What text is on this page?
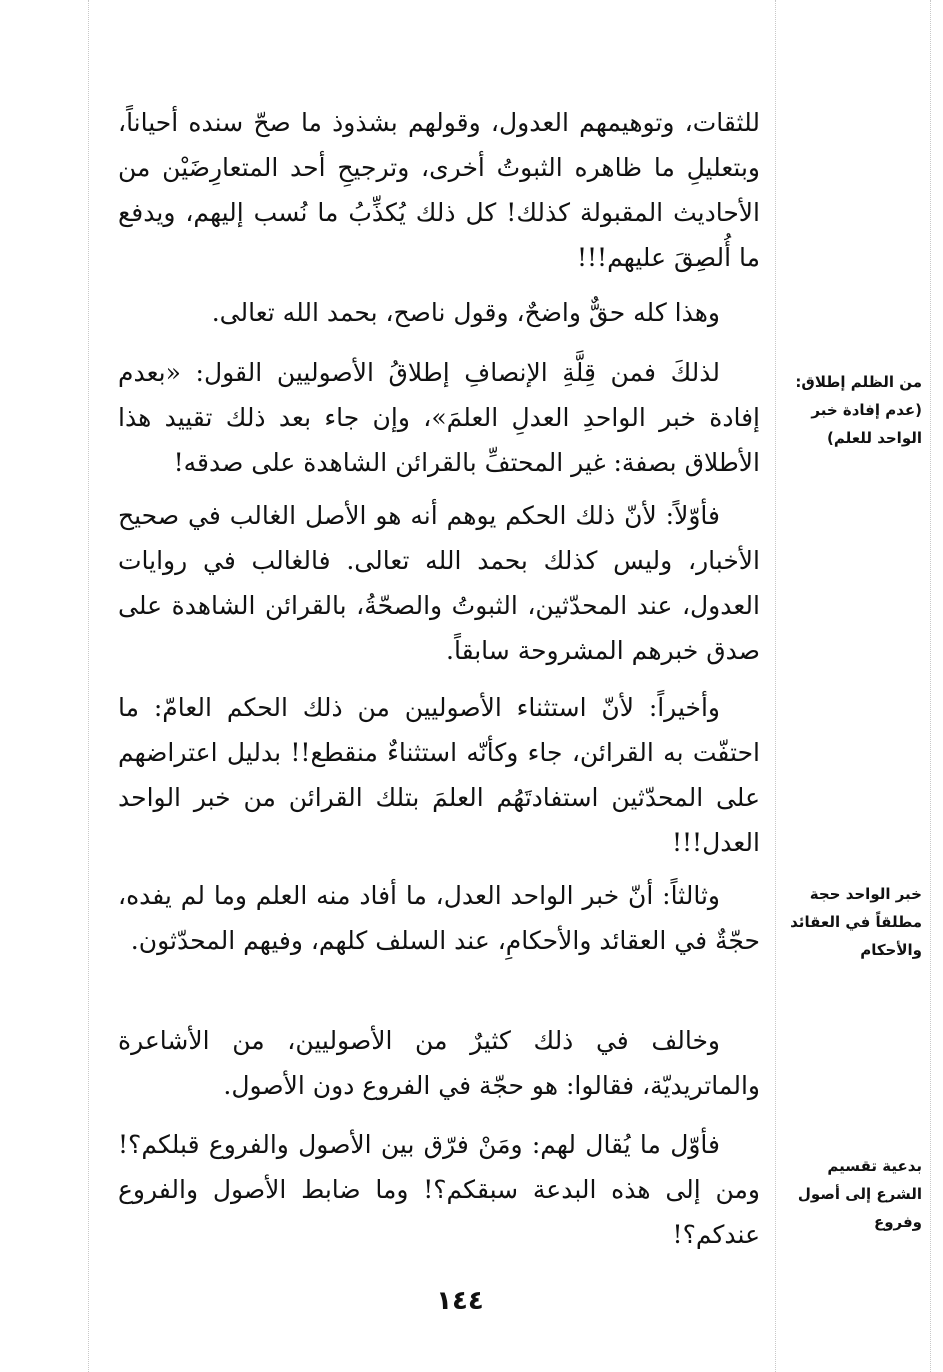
للثقات، وتوهيمهم العدول، وقولهم بشذوذ ما صحّ سنده أحياناً، وبتعليلِ ما ظاهره الثبوتُ أخرى، وترجيحِ أحد المتعارِضَيْن من الأحاديث المقبولة كذلك! كل ذلك يُكذِّبُ ما نُسب إليهم، ويدفع ما أُلصِقَ عليهم!!!

وهذا كله حقٌّ واضحٌ، وقول ناصح، بحمد الله تعالى.

لذلكَ فمن قِلَّةِ الإنصافِ إطلاقُ الأصوليين القول: «بعدم إفادة خبر الواحدِ العدلِ العلمَ»، وإن جاء بعد ذلك تقييد هذا الأطلاق بصفة: غير المحتفِّ بالقرائن الشاهدة على صدقه!

من الظلم إطلاق: (عدم إفادة خبر الواحد للعلم)

فأوّلاً: لأنّ ذلك الحكم يوهم أنه هو الأصل الغالب في صحيح الأخبار، وليس كذلك بحمد الله تعالى. فالغالب في روايات العدول، عند المحدّثين، الثبوتُ والصحّةُ، بالقرائن الشاهدة على صدق خبرهم المشروحة سابقاً.

وأخيراً: لأنّ استثناء الأصوليين من ذلك الحكم العامّ: ما احتفّت به القرائن، جاء وكأنّه استثناءٌ منقطع!! بدليل اعتراضهم على المحدّثين استفادتَهُم العلمَ بتلك القرائن من خبر الواحد العدل!!!

وثالثاً: أنّ خبر الواحد العدل، ما أفاد منه العلم وما لم يفده، حجّةٌ في العقائد والأحكامِ، عند السلف كلهم، وفيهم المحدّثون.

خبر الواحد حجة مطلقاً في العقائد والأحكام

وخالف في ذلك كثيرٌ من الأصوليين، من الأشاعرة والماتريديّة، فقالوا: هو حجّة في الفروع دون الأصول.

فأوّل ما يُقال لهم: ومَنْ فرّق بين الأصول والفروع قبلكم؟! ومن إلى هذه البدعة سبقكم؟! وما ضابط الأصول والفروع عندكم؟!

بدعية تقسيم الشرع إلى أصول وفروع
١٤٤
